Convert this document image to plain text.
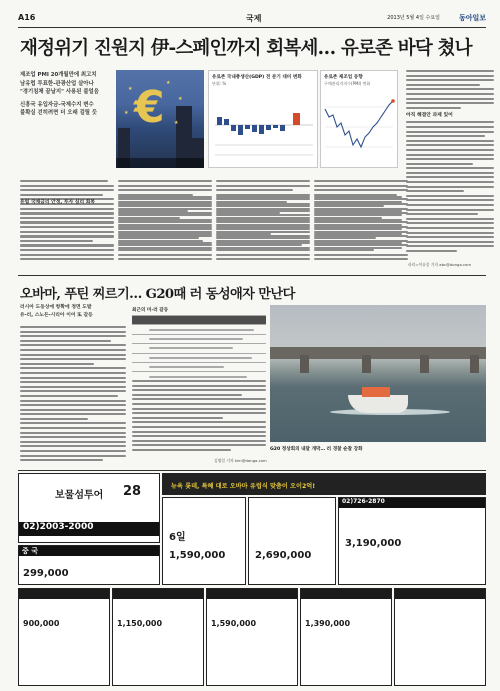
A16	국제	2013년 5월 4일 수요일	동아일보
재정위기 진원지 伊-스페인까지 회복세… 유로존 바닥 쳤나
제조업 PMI 20개월만에 최고치
남유럽 투표한-관광산업 살아나
"경기침체 끝날지" 사용된 불얼음
신흥국 유입자금-국제수지 변수
불확실 걷히려면 더 오래 걸릴 듯 €
★
★
★
★
★
유로존 국내총생산(GDP) 전 분기 대비 변화
단위: %
유로존 제조업 동향
구매관리자지수(PMI) 변화
유럽 국채금리 안정, 투자 심리 회복
아직 해결안 과제 있어
파리=이유종 기자 abc@donga.com
오바마, 푸틴 찌르기… G20때 러 동성애자 만난다
러시아 도동상에 항확에 정면 도발
유-러, 스노든-시리아 이어 또 갈등
최근의 미-러 갈등
G20 정상회의 내달 개막… 러 경찰 순찰 강화
김영일 기자 kim@donga.com
보물섬투어 28
02)2003-2000
뉴욕 롯데, 특혜 대로 오바마 유럽식 맞춤이 오이2억!
중 국
299,000
6일
1,590,000	2,690,000
02)726-2870
3,190,000
900,000	1,150,000	1,590,000	1,390,000
